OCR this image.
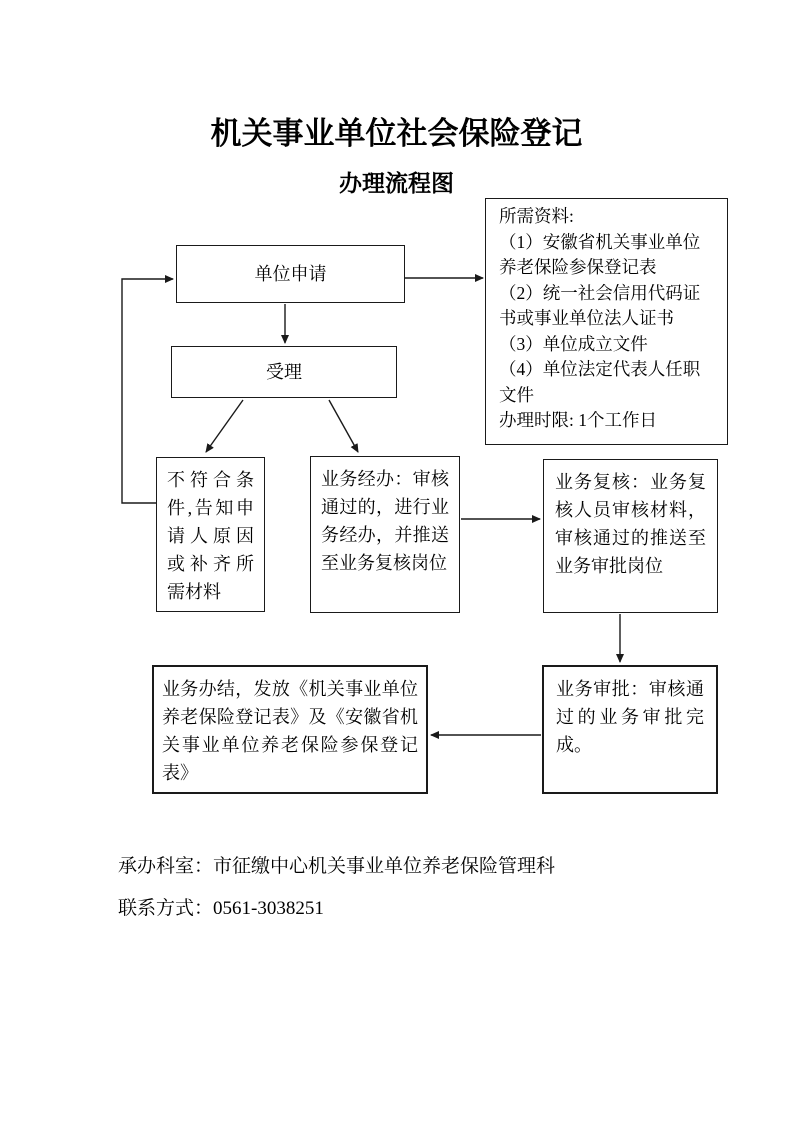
机关事业单位社会保险登记
办理流程图
单位申请
受理
所需资料:
（1）安徽省机关事业单位养老保险参保登记表
（2）统一社会信用代码证书或事业单位法人证书
（3）单位成立文件
（4）单位法定代表人任职文件
办理时限: 1个工作日
不符合条件,告知申请人原因或补齐所需材料
业务经办：审核通过的，进行业务经办，并推送至业务复核岗位
业务复核：业务复核人员审核材料，审核通过的推送至业务审批岗位
业务审批：审核通过的业务审批完成。
业务办结，发放《机关事业单位养老保险登记表》及《安徽省机关事业单位养老保险参保登记表》
承办科室：市征缴中心机关事业单位养老保险管理科
联系方式：0561-3038251
